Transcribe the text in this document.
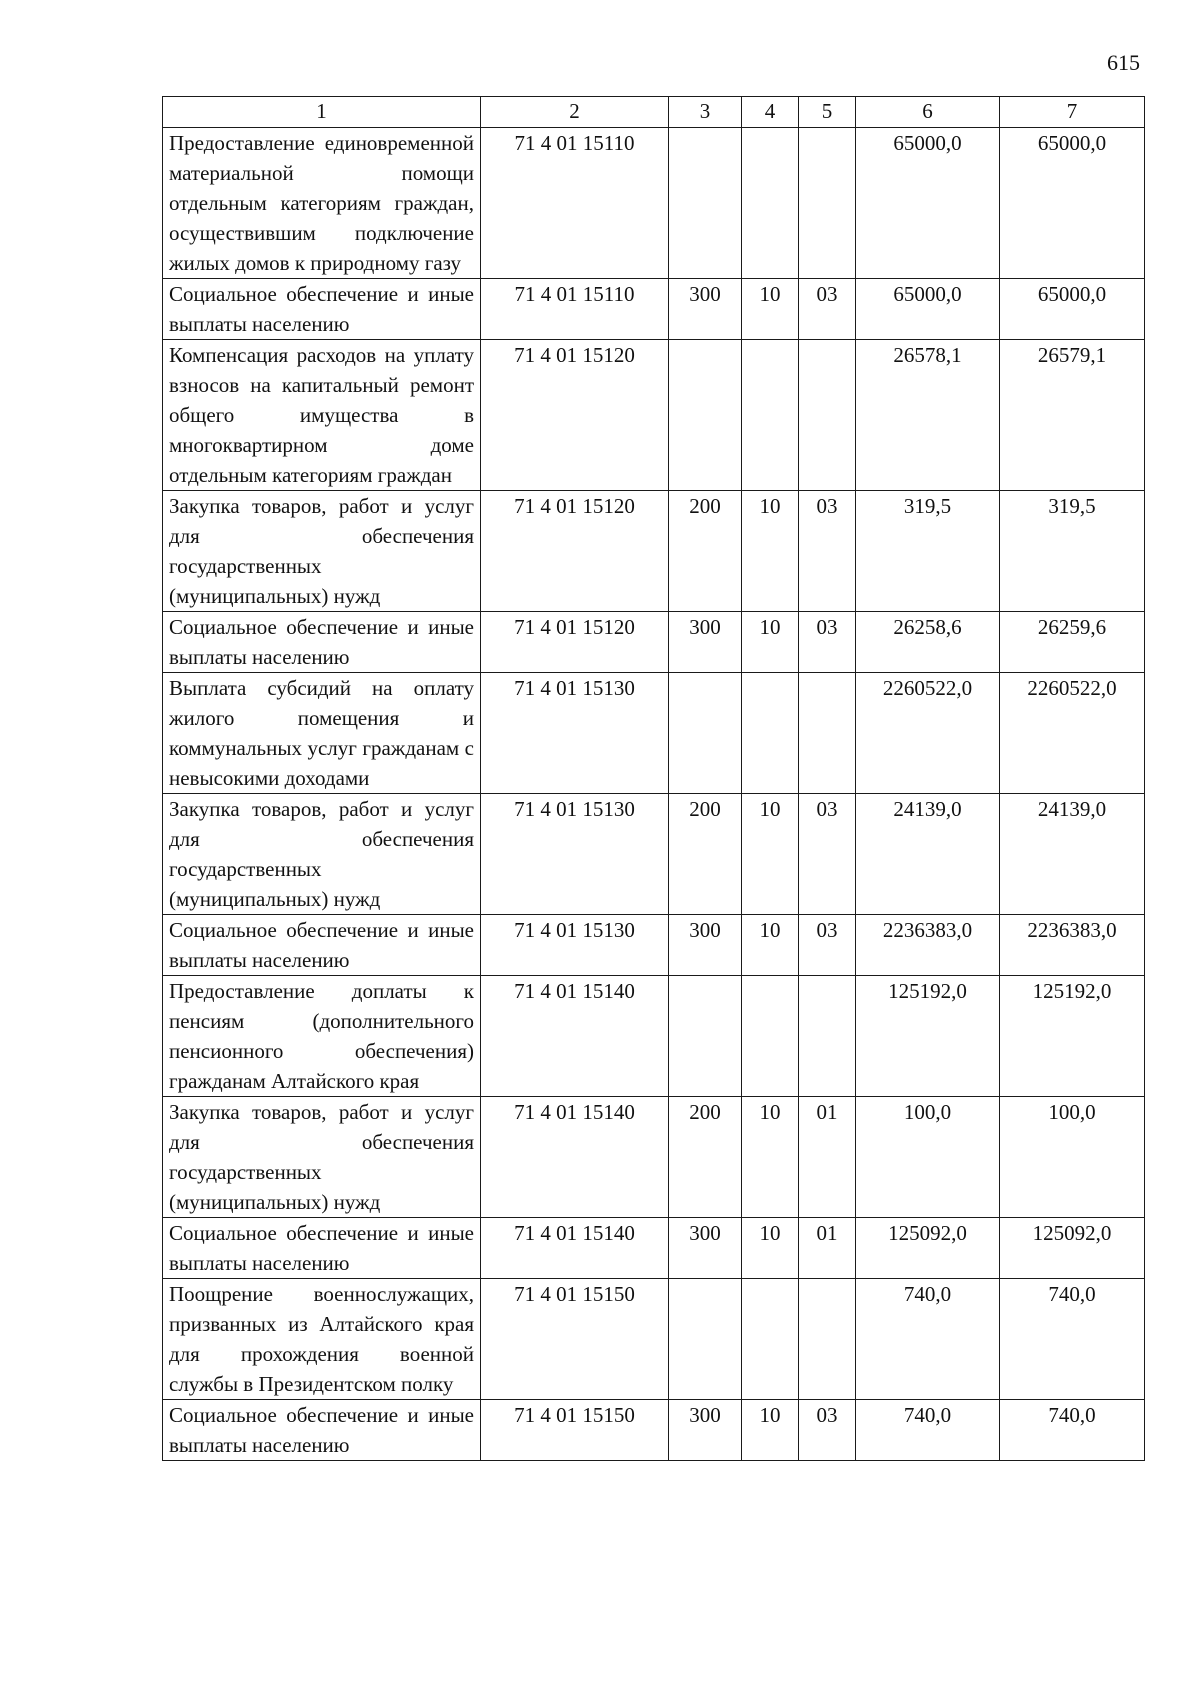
615
1	2	3	4	5	6	7
Предоставление единовременной материальной помощи отдельным категориям граждан, осуществившим подключение жилых домов к природному газу	71 4 01 15110				65000,0	65000,0
Социальное обеспечение и иные выплаты населению	71 4 01 15110	300	10	03	65000,0	65000,0
Компенсация расходов на уплату взносов на капитальный ремонт общего имущества в многоквартирном доме отдельным категориям граждан	71 4 01 15120				26578,1	26579,1
Закупка товаров, работ и услуг для обеспечения государственных (муниципальных) нужд	71 4 01 15120	200	10	03	319,5	319,5
Социальное обеспечение и иные выплаты населению	71 4 01 15120	300	10	03	26258,6	26259,6
Выплата субсидий на оплату жилого помещения и коммунальных услуг гражданам с невысокими доходами	71 4 01 15130				2260522,0	2260522,0
Закупка товаров, работ и услуг для обеспечения государственных (муниципальных) нужд	71 4 01 15130	200	10	03	24139,0	24139,0
Социальное обеспечение и иные выплаты населению	71 4 01 15130	300	10	03	2236383,0	2236383,0
Предоставление доплаты к пенсиям (дополнительного пенсионного обеспечения) гражданам Алтайского края	71 4 01 15140				125192,0	125192,0
Закупка товаров, работ и услуг для обеспечения государственных (муниципальных) нужд	71 4 01 15140	200	10	01	100,0	100,0
Социальное обеспечение и иные выплаты населению	71 4 01 15140	300	10	01	125092,0	125092,0
Поощрение военнослужащих, призванных из Алтайского края для прохождения военной службы в Президентском полку	71 4 01 15150				740,0	740,0
Социальное обеспечение и иные выплаты населению	71 4 01 15150	300	10	03	740,0	740,0
